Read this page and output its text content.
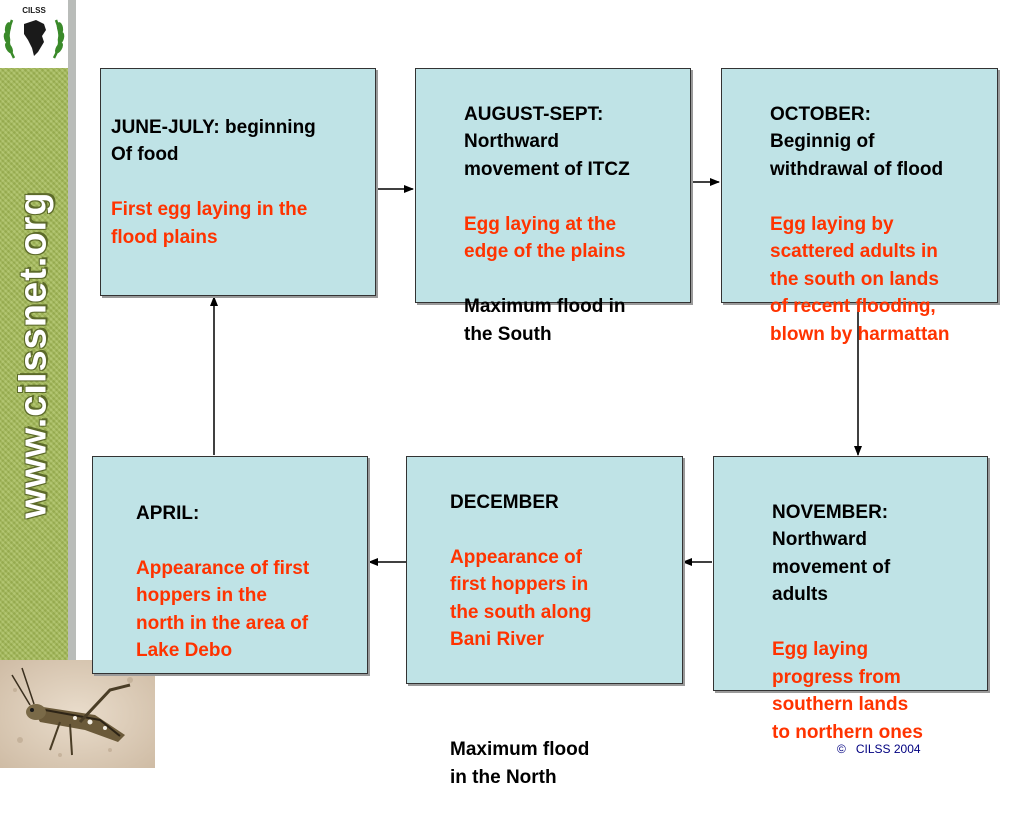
CILSS
www.cilssnet.org

JUNE-JULY: beginning
Of food

First egg laying in the
flood plains

AUGUST-SEPT:
Northward
movement of ITCZ

Egg laying at the
edge of the plains

Maximum flood in
the South

OCTOBER:
Beginnig of
withdrawal of flood

Egg laying by
scattered adults in
the south on lands
of recent flooding,
blown by harmattan

APRIL:

Appearance of first
hoppers in the
north in the area of
Lake Debo

DECEMBER

Appearance of
first hoppers in
the south along
Bani River

Maximum flood
in the North

NOVEMBER:
Northward
movement of
adults

Egg laying
progress from
southern lands
to northern ones

©   CILSS 2004
